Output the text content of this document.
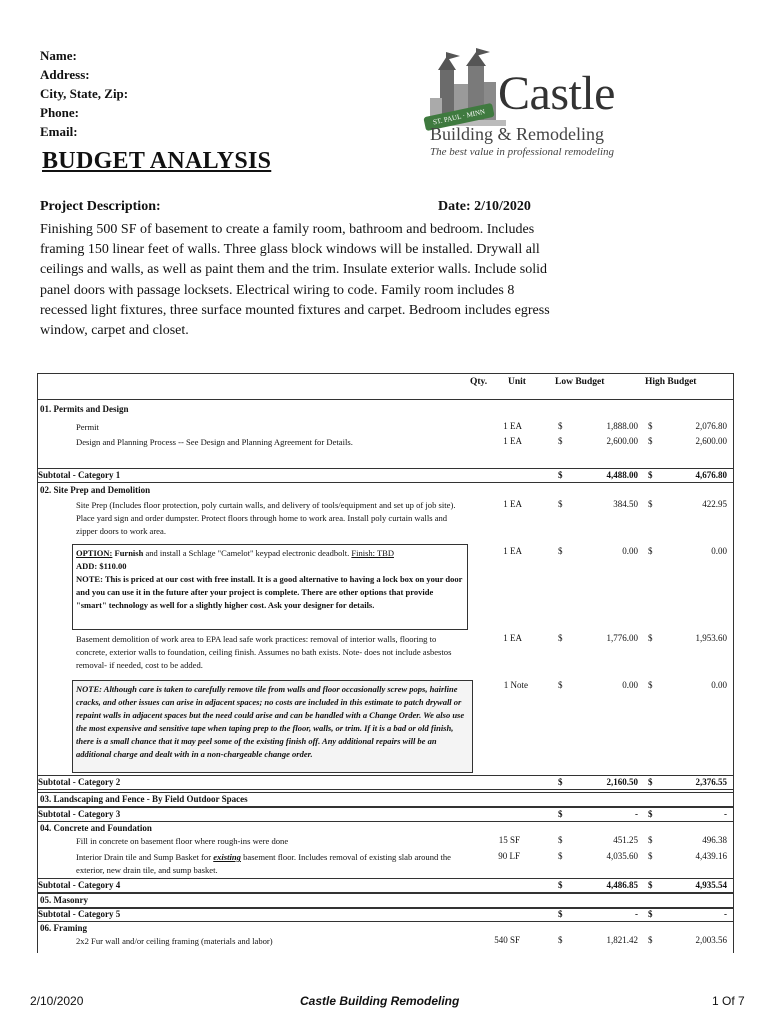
Name:
Address:
City, State, Zip:
Phone:
Email:
ST. PAUL · MINN Castle
Building & Remodeling
The best value in professional remodeling
BUDGET ANALYSIS
Project Description:	Date: 2/10/2020
Finishing 500 SF of basement to create a family room, bathroom and bedroom. Includes framing 150 linear feet of walls. Three glass block windows will be installed. Drywall all ceilings and walls, as well as paint them and the trim. Insulate exterior walls. Include solid panel doors with passage locksets. Electrical wiring to code. Family room includes 8 recessed light fixtures, three surface mounted fixtures and carpet. Bedroom includes egress window, carpet and closet.
Qty. Unit	Low Budget	High Budget
01. Permits and Design
Permit	1 EA	$	1,888.00 $	2,076.80
Design and Planning Process -- See Design and Planning Agreement for Details.	1 EA	$	2,600.00 $	2,600.00
Subtotal - Category 1	$	4,488.00 $	4,676.80
02. Site Prep and Demolition
Site Prep (Includes floor protection, poly curtain walls, and delivery of tools/equipment and set up of job site). Place yard sign and order dumpster. Protect floors through home to work area. Install poly curtain walls and zipper doors to work area.
1 EA	$	384.50 $	422.95
OPTION: Furnish and install a Schlage "Camelot" keypad electronic deadbolt. Finish: TBD
ADD: $110.00
NOTE: This is priced at our cost with free install. It is a good alternative to having a lock box on your door and you can use it in the future after your project is complete. There are other options that provide "smart" technology as well for a slightly higher cost. Ask your designer for details.
1 EA	$	0.00 $	0.00
Basement demolition of work area to EPA lead safe work practices: removal of interior walls, flooring to concrete, exterior walls to foundation, ceiling finish. Assumes no bath exists. Note- does not include asbestos removal- if needed, cost to be added.
1 EA	$	1,776.00 $	1,953.60
NOTE: Although care is taken to carefully remove tile from walls and floor occasionally screw pops, hairline cracks, and other issues can arise in adjacent spaces; no costs are included in this estimate to patch drywall or repaint walls in adjacent spaces but the need could arise and can be handled with a Change Order. We also use the most expensive and sensitive tape when taping prep to the floor, walls, or trim. If it is a bad or old finish, there is a small chance that it may peel some of the existing finish off. Any additional repairs will be an additional charge and dealt with in a non-chargeable change order.
1 Note	$	0.00 $	0.00
Subtotal - Category 2	$	2,160.50 $	2,376.55
03. Landscaping and Fence - By Field Outdoor Spaces
Subtotal - Category 3	$	- $	-
04. Concrete and Foundation
Fill in concrete on basement floor where rough-ins were done	15 SF	$	451.25 $	496.38
Interior Drain tile and Sump Basket for existing basement floor. Includes removal of existing slab around the exterior, new drain tile, and sump basket.
90 LF	$	4,035.60 $	4,439.16
Subtotal - Category 4	$	4,486.85 $	4,935.54
05. Masonry
Subtotal - Category 5	$	- $	-
06. Framing
2x2 Fur wall and/or ceiling framing (materials and labor)	540 SF	$	1,821.42 $	2,003.56
2/10/2020	Castle Building Remodeling	1 Of 7
